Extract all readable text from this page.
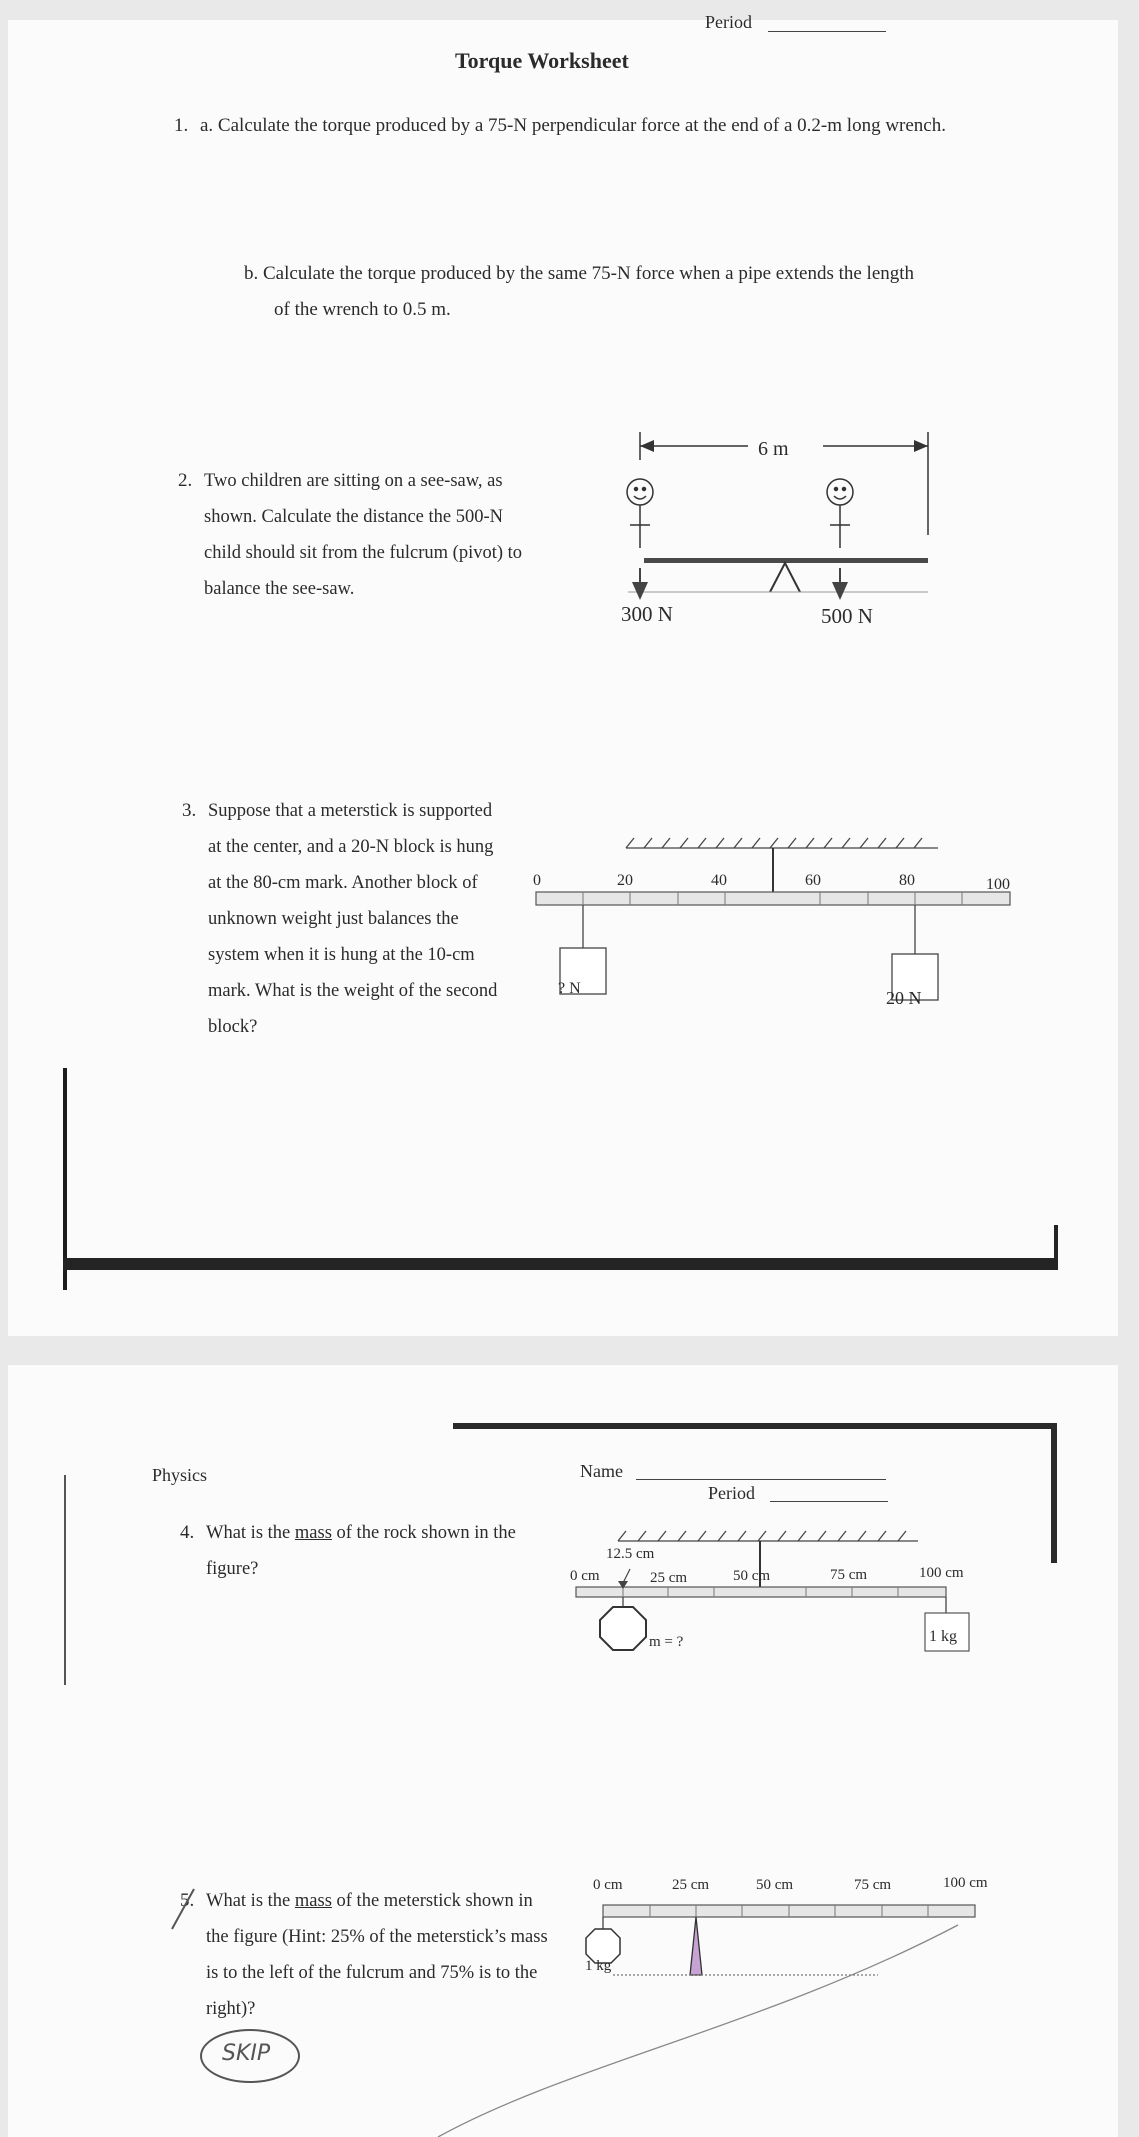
Period
Torque Worksheet
1. a. Calculate the torque produced by a 75-N perpendicular force at the end of a 0.2-m long wrench.
b. Calculate the torque produced by the same 75-N force when a pipe extends the length of the wrench to 0.5 m.
2. Two children are sitting on a see-saw, as shown. Calculate the distance the 500-N child should sit from the fulcrum (pivot) to balance the see-saw.
6 m
300 N	500 N
3. Suppose that a meterstick is supported at the center, and a 20-N block is hung at the 80-cm mark. Another block of unknown weight just balances the system when it is hung at the 10-cm mark. What is the weight of the second block?
0	20	40	60	80	100
? N	20 N
Physics	Name
Period
4. What is the mass of the rock shown in the figure?
12.5 cm
0 cm	25 cm	50 cm	75 cm	100 cm
m = ?	1 kg
5. What is the mass of the meterstick shown in the figure (Hint: 25% of the meterstick’s mass is to the left of the fulcrum and 75% is to the right)?
SKIP
0 cm	25 cm	50 cm	75 cm	100 cm
1 kg
